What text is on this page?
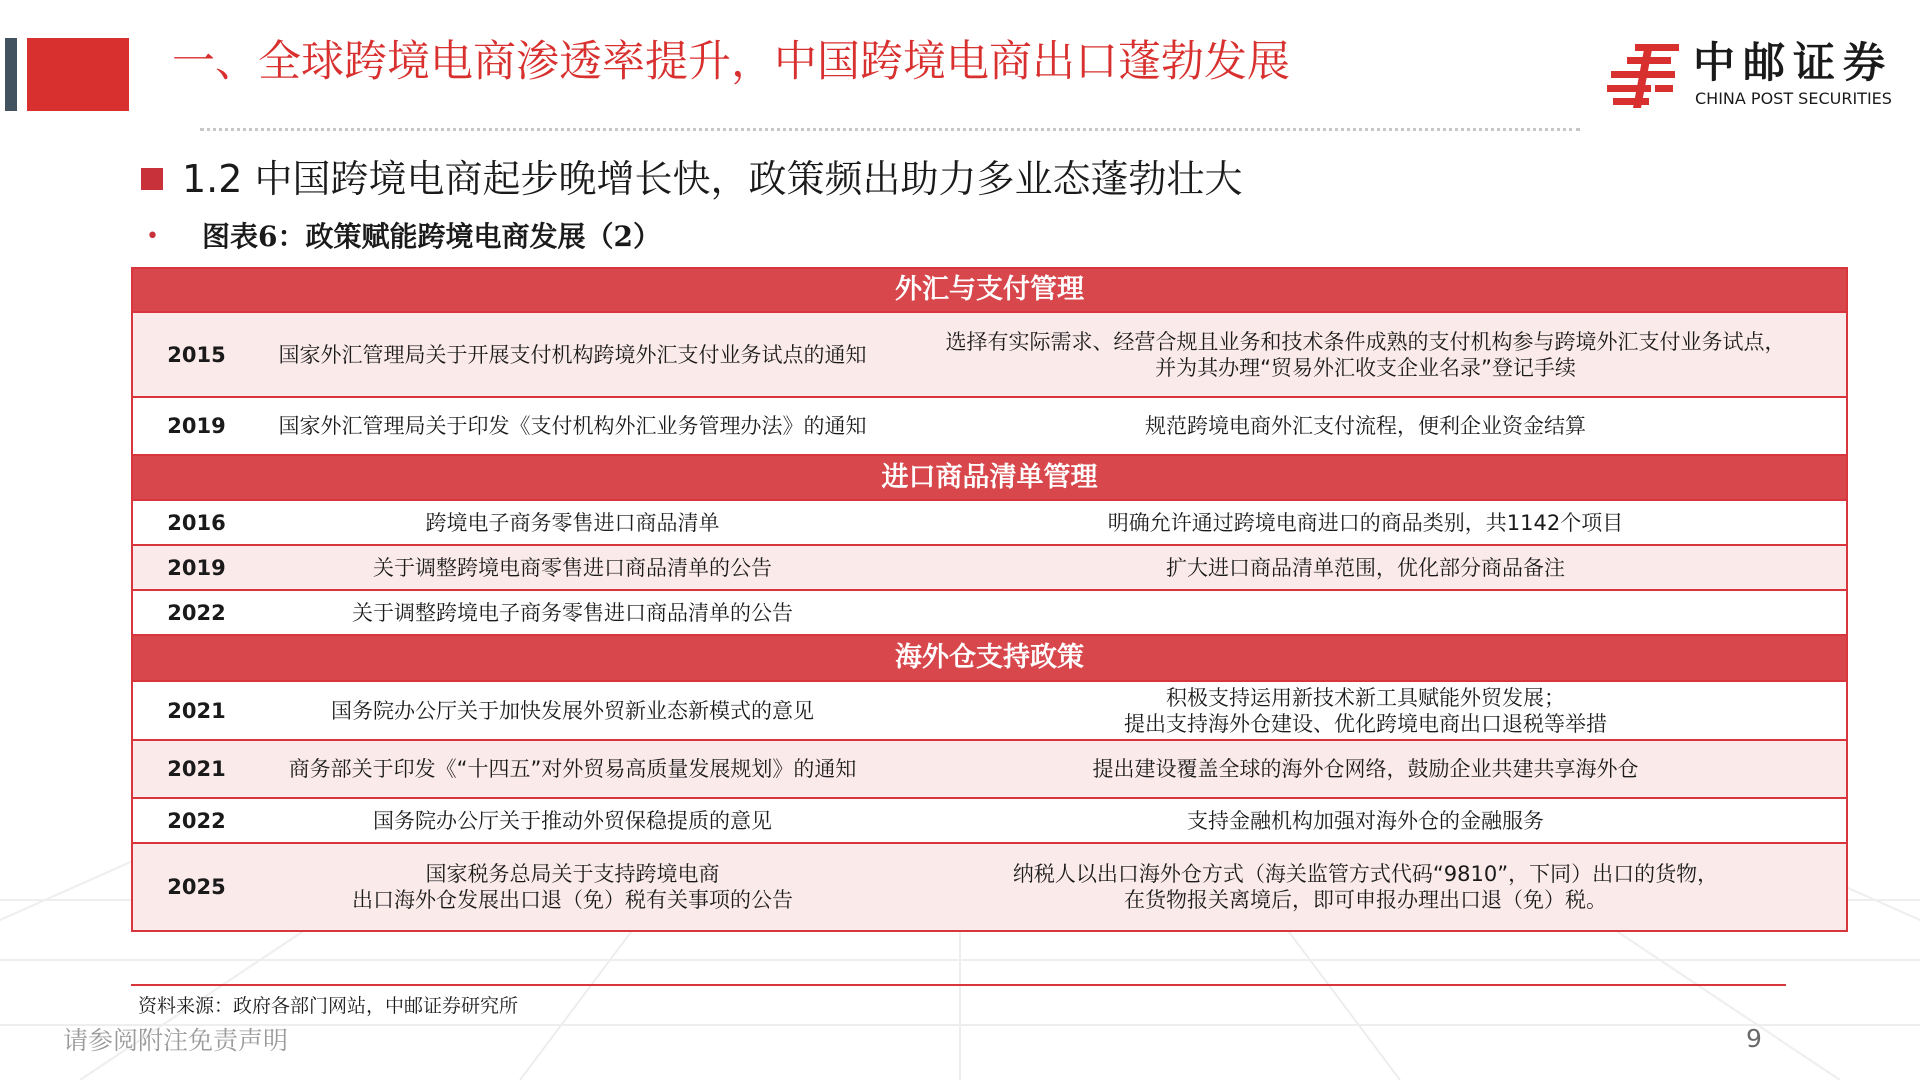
一、全球跨境电商渗透率提升，中国跨境电商出口蓬勃发展	中邮证券
CHINA POST SECURITIES
1.2 中国跨境电商起步晚增长快，政策频出助力多业态蓬勃壮大
• 图表6：政策赋能跨境电商发展（2）
外汇与支付管理		
2015	国家外汇管理局关于开展支付机构跨境外汇支付业务试点的通知	选择有实际需求、经营合规且业务和技术条件成熟的支付机构参与跨境外汇支付业务试点，
并为其办理“贸易外汇收支企业名录”登记手续

2019	国家外汇管理局关于印发《支付机构外汇业务管理办法》的通知	规范跨境电商外汇支付流程，便利企业资金结算

进口商品清单管理		
2016	跨境电子商务零售进口商品清单	明确允许通过跨境电商进口的商品类别，共1142个项目

2019	关于调整跨境电商零售进口商品清单的公告	扩大进口商品清单范围，优化部分商品备注

2022	关于调整跨境电子商务零售进口商品清单的公告	

海外仓支持政策		
2021	国务院办公厅关于加快发展外贸新业态新模式的意见	积极支持运用新技术新工具赋能外贸发展；
提出支持海外仓建设、优化跨境电商出口退税等举措

2021	商务部关于印发《“十四五”对外贸易高质量发展规划》的通知	提出建设覆盖全球的海外仓网络，鼓励企业共建共享海外仓

2022	国务院办公厅关于推动外贸保稳提质的意见	支持金融机构加强对海外仓的金融服务

2025	国家税务总局关于支持跨境电商
出口海外仓发展出口退（免）税有关事项的公告	纳税人以出口海外仓方式（海关监管方式代码“9810”，下同）出口的货物，
在货物报关离境后，即可申报办理出口退（免）税。
资料来源：政府各部门网站，中邮证券研究所
请参阅附注免责声明	9
